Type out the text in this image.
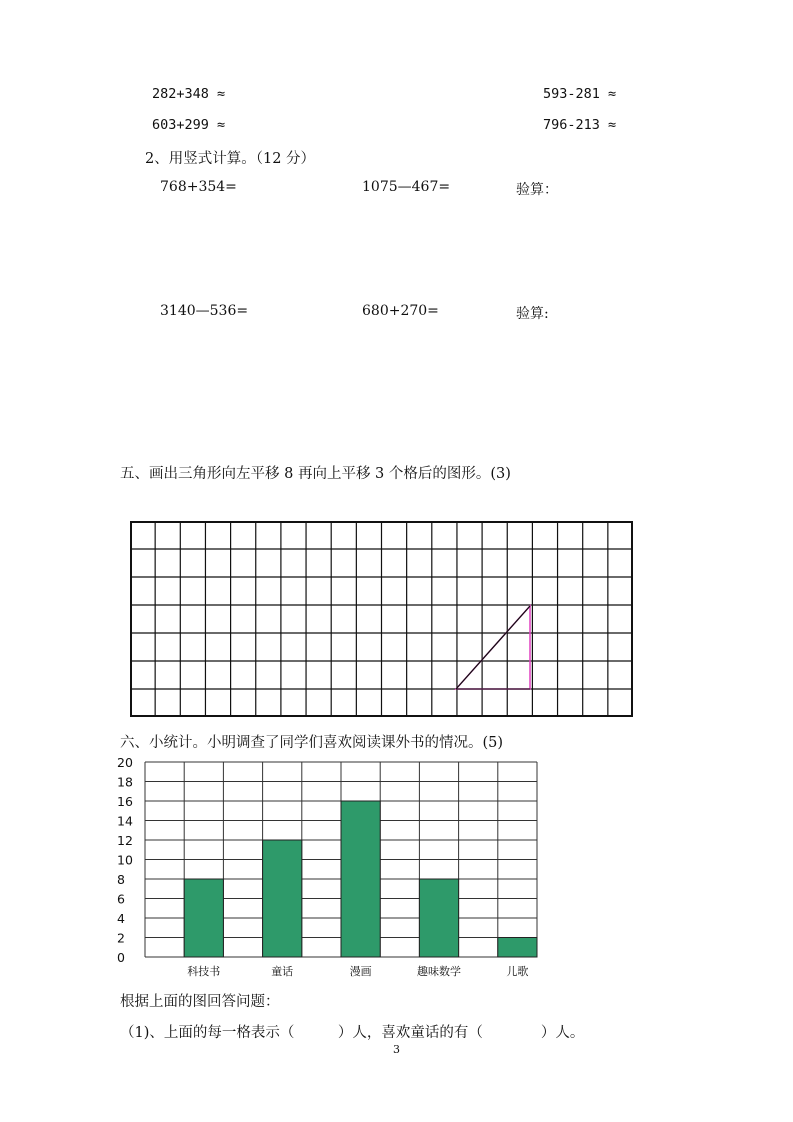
282+348 ≈	593-281 ≈
603+299 ≈	796-213 ≈
2、用竖式计算。（12 分）
768+354=	1075—467=	验算：
3140—536=	680+270=	验算:
五、画出三角形向左平移 8 再向上平移 3 个格后的图形。(3)
六、小统计。小明调查了同学们喜欢阅读课外书的情况。(5)
0
2
4
6
8
10
12
14
16
18
20
科技书	童话	漫画	趣味数学	儿歌
根据上面的图回答问题：
（1)、上面的每一格表示（　　　）人，喜欢童话的有（　　　　）人。
3
